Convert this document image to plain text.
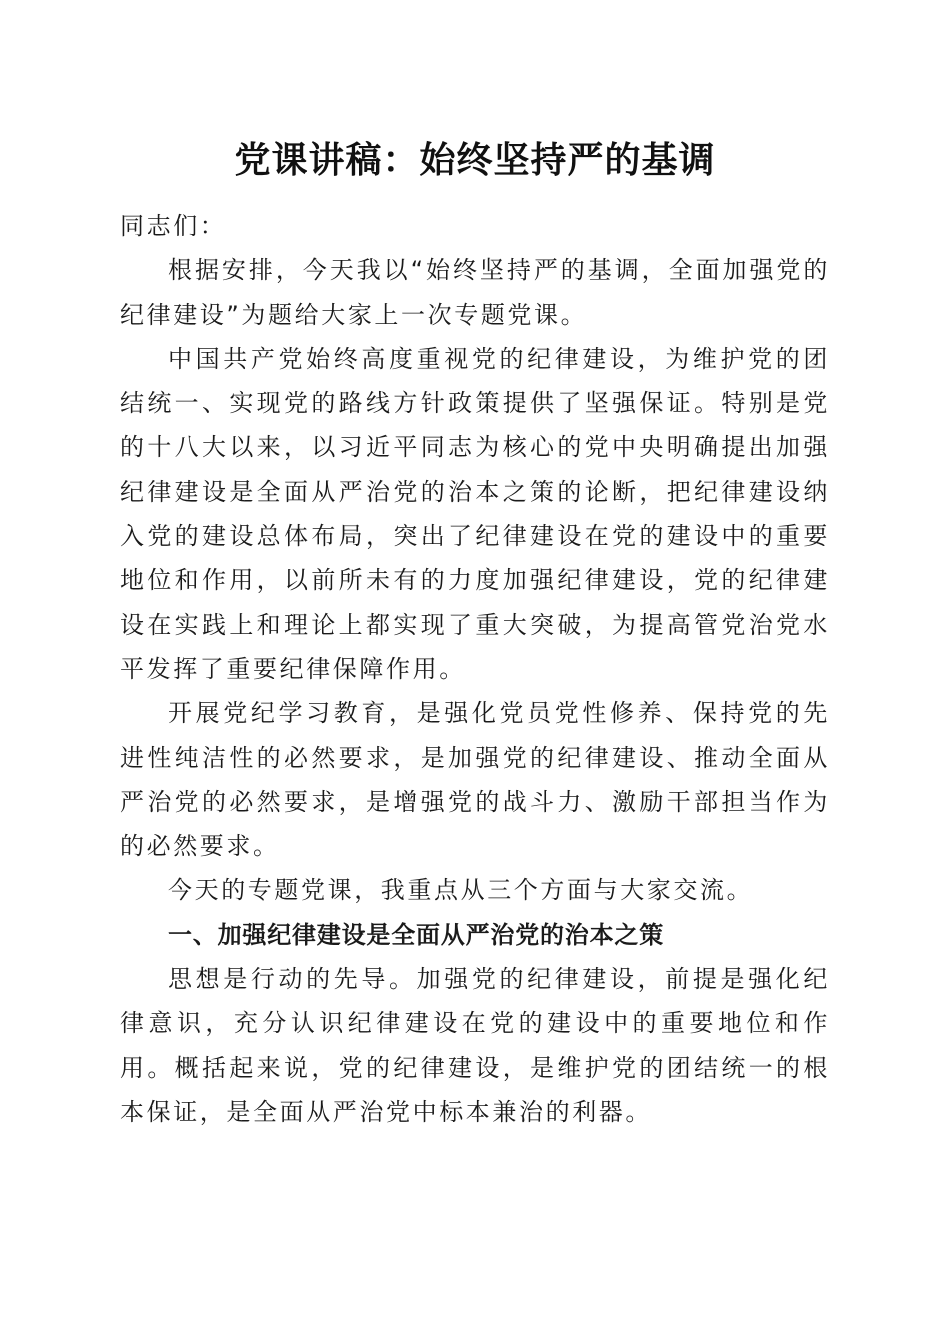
党课讲稿：始终坚持严的基调

同志们：

根据安排，今天我以“始终坚持严的基调，全面加强党的纪律建设”为题给大家上一次专题党课。

中国共产党始终高度重视党的纪律建设，为维护党的团结统一、实现党的路线方针政策提供了坚强保证。特别是党的十八大以来，以习近平同志为核心的党中央明确提出加强纪律建设是全面从严治党的治本之策的论断，把纪律建设纳入党的建设总体布局，突出了纪律建设在党的建设中的重要地位和作用，以前所未有的力度加强纪律建设，党的纪律建设在实践上和理论上都实现了重大突破，为提高管党治党水平发挥了重要纪律保障作用。

开展党纪学习教育，是强化党员党性修养、保持党的先进性纯洁性的必然要求，是加强党的纪律建设、推动全面从严治党的必然要求，是增强党的战斗力、激励干部担当作为的必然要求。

今天的专题党课，我重点从三个方面与大家交流。

一、加强纪律建设是全面从严治党的治本之策

思想是行动的先导。加强党的纪律建设，前提是强化纪律意识，充分认识纪律建设在党的建设中的重要地位和作用。概括起来说，党的纪律建设，是维护党的团结统一的根本保证，是全面从严治党中标本兼治的利器。
